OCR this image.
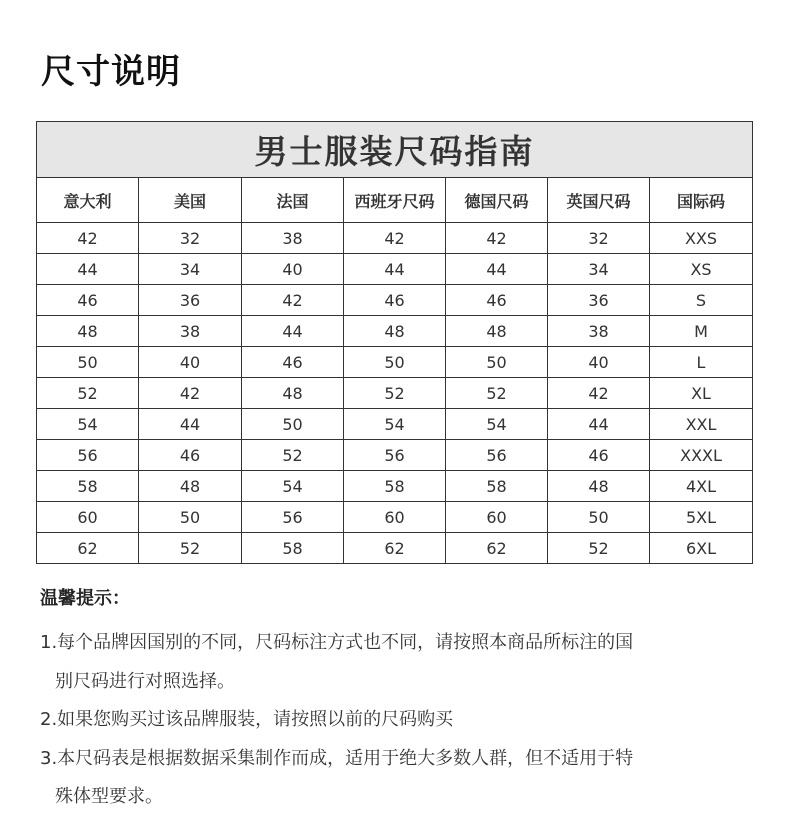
尺寸说明
男士服装尺码指南						
意大利	美国	法国	西班牙尺码	德国尺码	英国尺码	国际码
42	32	38	42	42	32	XXS
44	34	40	44	44	34	XS
46	36	42	46	46	36	S
48	38	44	48	48	38	M
50	40	46	50	50	40	L
52	42	48	52	52	42	XL
54	44	50	54	54	44	XXL
56	46	52	56	56	46	XXXL
58	48	54	58	58	48	4XL
60	50	56	60	60	50	5XL
62	52	58	62	62	52	6XL
温馨提示：
1.每个品牌因国别的不同，尺码标注方式也不同，请按照本商品所标注的国
别尺码进行对照选择。
2.如果您购买过该品牌服装，请按照以前的尺码购买
3.本尺码表是根据数据采集制作而成，适用于绝大多数人群，但不适用于特
殊体型要求。
